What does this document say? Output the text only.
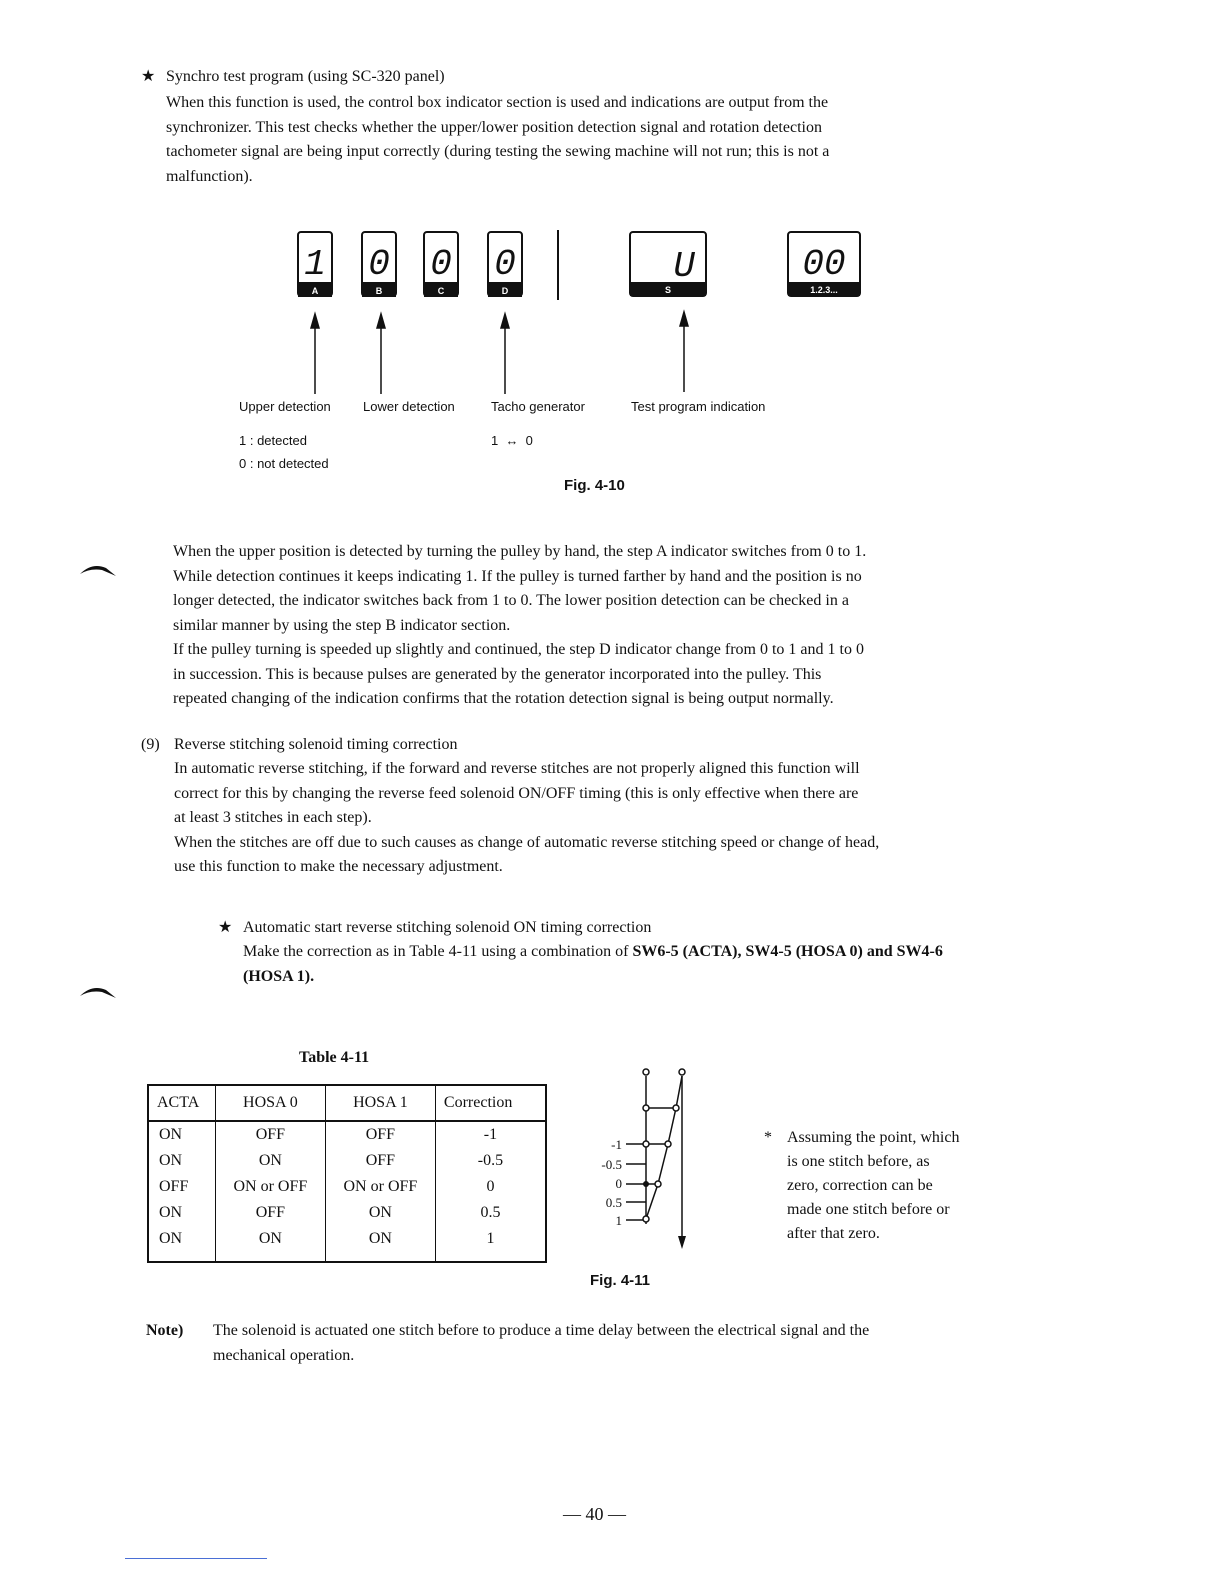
★ Synchro test program (using SC-320 panel)
When this function is used, the control box indicator section is used and indications are output from the
synchronizer. This test checks whether the upper/lower position detection signal and rotation detection
tachometer signal are being input correctly (during testing the sewing machine will not run; this is not a
malfunction).
1
A
0
B
0
C
0
D
U
S
00
1.2.3...
Upper detection Lower detection	Tacho generator	Test program indication
1 : detected
0 : not detected
1  ↔  0
Fig. 4-10
When the upper position is detected by turning the pulley by hand, the step A indicator switches from 0 to 1.
While detection continues it keeps indicating 1. If the pulley is turned farther by hand and the position is no
longer detected, the indicator switches back from 1 to 0. The lower position detection can be checked in a
similar manner by using the step B indicator section.
If the pulley turning is speeded up slightly and continued, the step D indicator change from 0 to 1 and 1 to 0
in succession. This is because pulses are generated by the generator incorporated into the pulley. This
repeated changing of the indication confirms that the rotation detection signal is being output normally.
(9) Reverse stitching solenoid timing correction
In automatic reverse stitching, if the forward and reverse stitches are not properly aligned this function will
correct for this by changing the reverse feed solenoid ON/OFF timing (this is only effective when there are
at least 3 stitches in each step).
When the stitches are off due to such causes as change of automatic reverse stitching speed or change of head,
use this function to make the necessary adjustment.
★ Automatic start reverse stitching solenoid ON timing correction
Make the correction as in Table 4-11 using a combination of SW6-5 (ACTA), SW4-5 (HOSA 0) and SW4-6
(HOSA 1).
Table 4-11
ACTA	HOSA 0	HOSA 1	Correction
ON	OFF	OFF	-1
ON	ON	OFF	-0.5
OFF	ON or OFF	ON or OFF	0
ON	OFF	ON	0.5
ON	ON	ON	1
-1
-0.5
0
0.5
1
Fig. 4-11
* Assuming the point, which
is one stitch before, as
zero, correction can be
made one stitch before or
after that zero.
Note) The solenoid is actuated one stitch before to produce a time delay between the electrical signal and the
mechanical operation.
— 40 —
